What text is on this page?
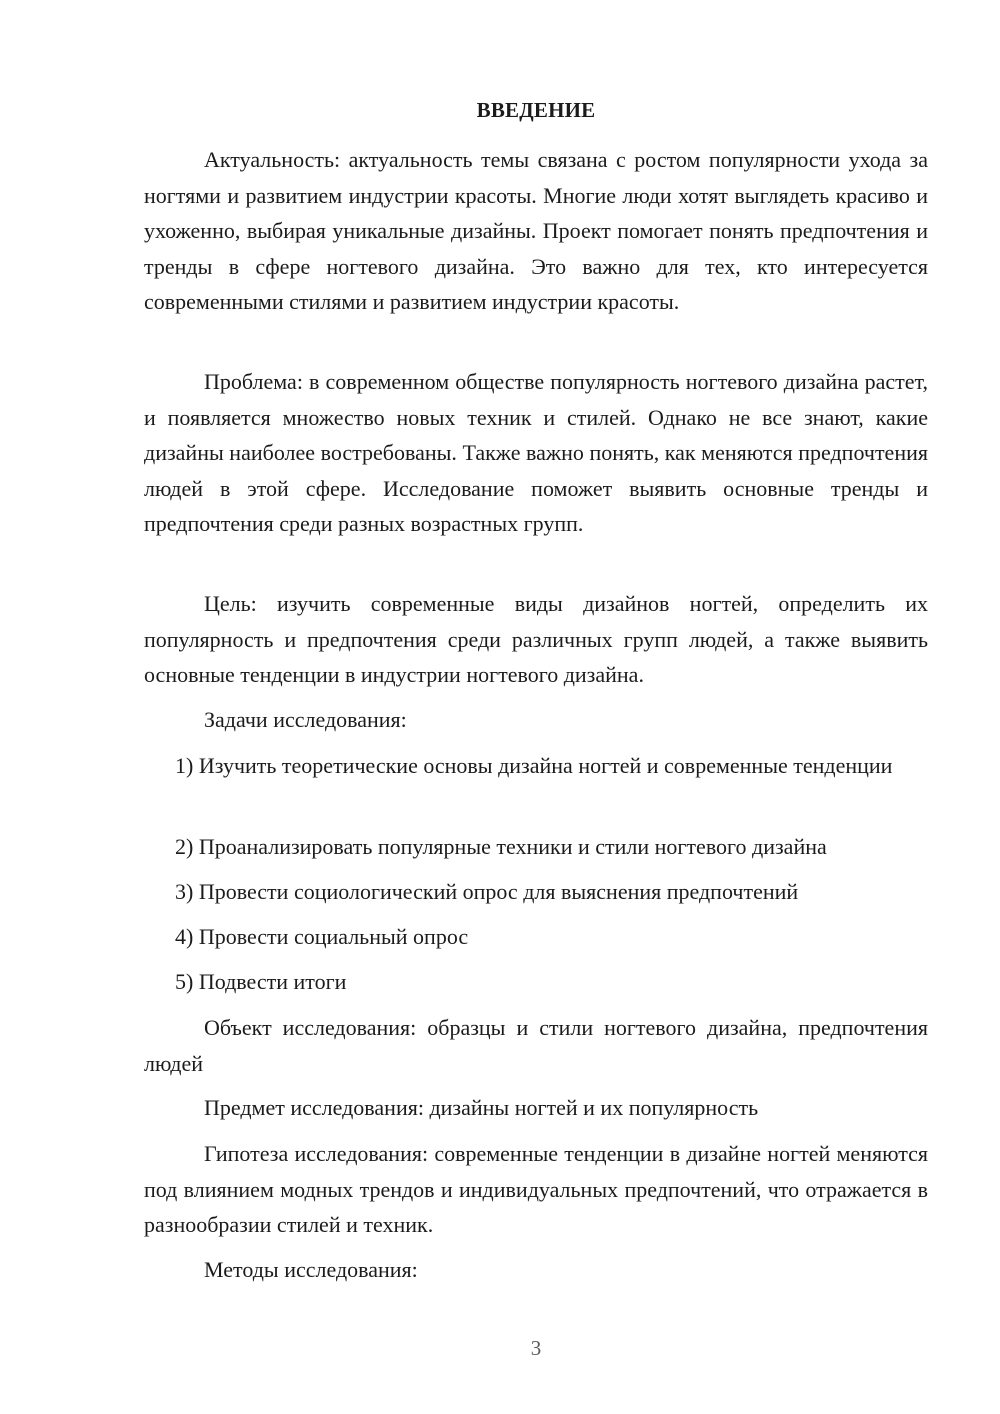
ВВЕДЕНИЕ
Актуальность: актуальность темы связана с ростом популярности ухода за ногтями и развитием индустрии красоты. Многие люди хотят выглядеть красиво и ухоженно, выбирая уникальные дизайны. Проект помогает понять предпочтения и тренды в сфере ногтевого дизайна. Это важно для тех, кто интересуется современными стилями и развитием индустрии красоты.
Проблема: в современном обществе популярность ногтевого дизайна растет, и появляется множество новых техник и стилей. Однако не все знают, какие дизайны наиболее востребованы. Также важно понять, как меняются предпочтения людей в этой сфере. Исследование поможет выявить основные тренды и предпочтения среди разных возрастных групп.
Цель: изучить современные виды дизайнов ногтей, определить их популярность и предпочтения среди различных групп людей, а также выявить основные тенденции в индустрии ногтевого дизайна.
Задачи исследования:
1) Изучить теоретические основы дизайна ногтей и современные тенденции
2) Проанализировать популярные техники и стили ногтевого дизайна
3) Провести социологический опрос для выяснения предпочтений
4) Провести социальный опрос
5) Подвести итоги
Объект исследования: образцы и стили ногтевого дизайна, предпочтения людей
Предмет исследования: дизайны ногтей и их популярность
Гипотеза исследования: современные тенденции в дизайне ногтей меняются под влиянием модных трендов и индивидуальных предпочтений, что отражается в разнообразии стилей и техник.
Методы исследования:
3
